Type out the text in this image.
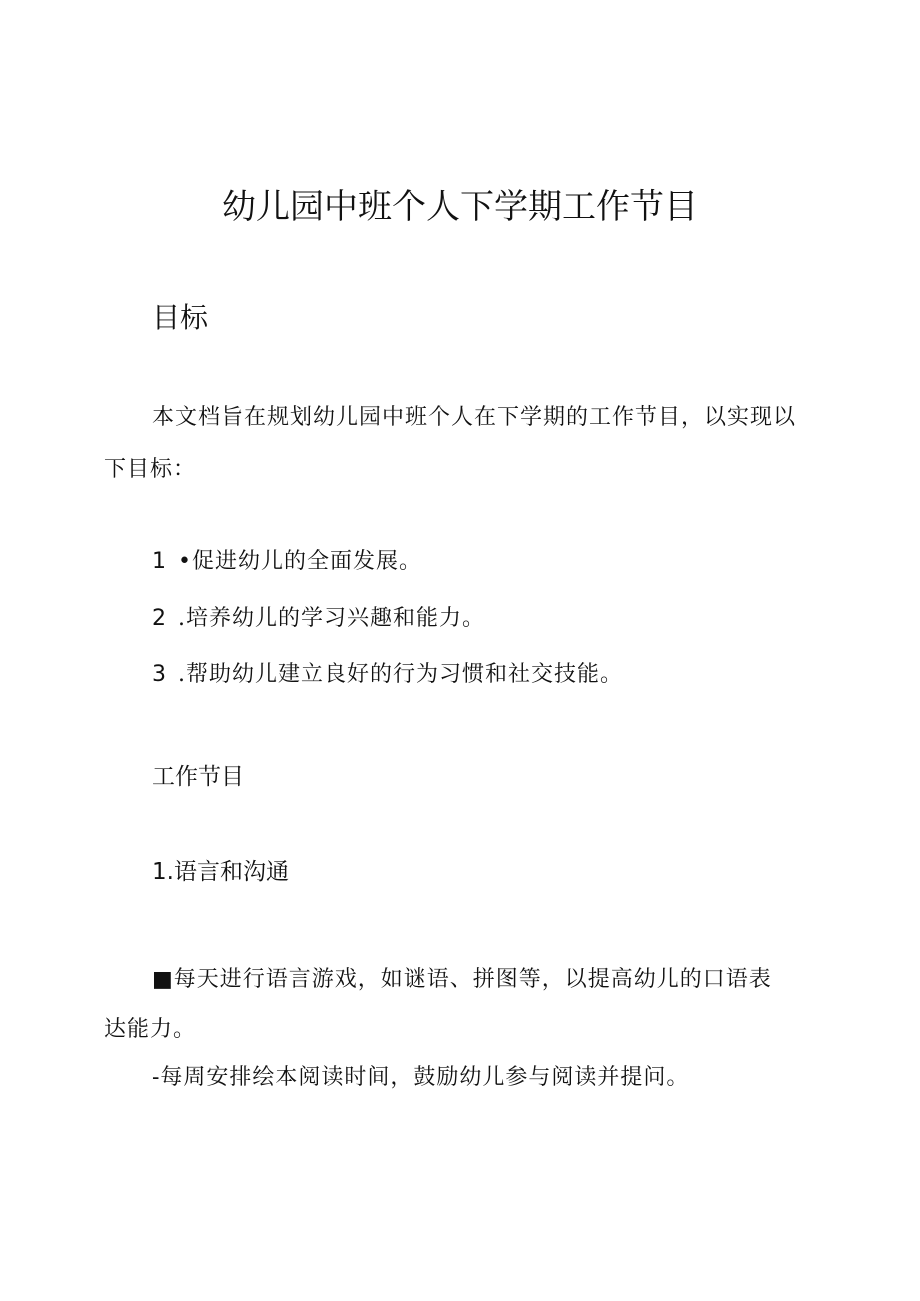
幼儿园中班个人下学期工作节目
目标

本文档旨在规划幼儿园中班个人在下学期的工作节目，以实现以下目标：

1 •促进幼儿的全面发展。

2 .培养幼儿的学习兴趣和能力。

3 .帮助幼儿建立良好的行为习惯和社交技能。

工作节目
1.语言和沟通

■每天进行语言游戏，如谜语、拼图等，以提高幼儿的口语表达能力。

-每周安排绘本阅读时间，鼓励幼儿参与阅读并提问。
